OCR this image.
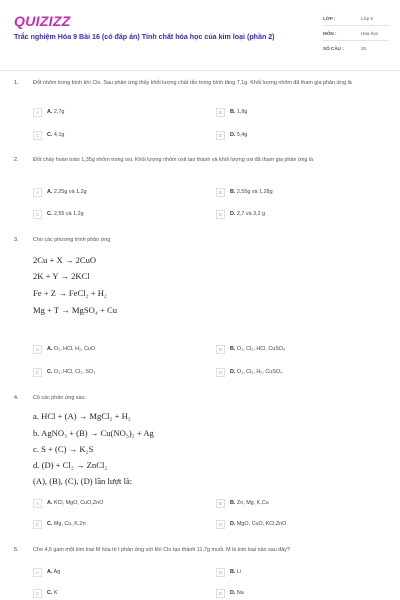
QUIZIZZ
Trắc nghiệm Hóa 9 Bài 16 (có đáp án) Tính chất hóa học của kim loại (phần 2)
LỚP :	Lớp 9
MÔN :	Hóa học
SỐ CÂU :	20
1.	Đốt nhôm trong bình khí Clo. Sau phản ứng thấy khối lượng chất rắn trong bình tăng 7,1g. Khối lượng nhôm đã tham gia phản ứng là
A	A. 2,7g	B	B. 1,8g
C	C. 4,1g	D	D. 5,4g
2.	Đốt cháy hoàn toàn 1,35g nhôm trong oxi. Khối lượng nhôm oxit tạo thành và khối lượng oxi đã tham gia phản ứng là
A	A. 2,25g và 1,2g	B	B. 2,55g và 1,28g
C	C. 2,55 và 1,2g	D	D. 2,7 và 3,2 g
3.	Cho các phương trình phản ứng
2Cu + X → 2CuO
2K + Y → 2KCl
Fe + Z → FeCl₂ + H₂
Mg + T → MgSO₄ + Cu
A	A. O₂, HCl, H₂, CuO	B	B. O₂, Cl₂, HCl, CuSO₄
C	C. O₂, HCl, Cl₂, SO₃	D	D. O₂, Cl₂, H₂, CuSO₄
4.	Có các phản ứng sau:
a. HCl + (A) → MgCl₂ + H₂
b. AgNO₃ + (B) → Cu(NO₃)₂ + Ag
c. S + (C) → K₂S
d. (D) + Cl₂ → ZnCl₂
(A), (B), (C), (D) lần lượt là:
A	A. KCl, MgO, CuO,ZnO	B	B. Zn, Mg, K,Cu
C	C. Mg, Cu, K,Zn	D	D. MgO, CuO, KCl,ZnO
5.	Cho 4,6 gam một kim loại M hóa trị I phản ứng với khí Clo tạo thành 11,7g muối. M là kim loại nào sau đây?
A	A. Ag	B	B. Li
C	C. K	D	D. Na
